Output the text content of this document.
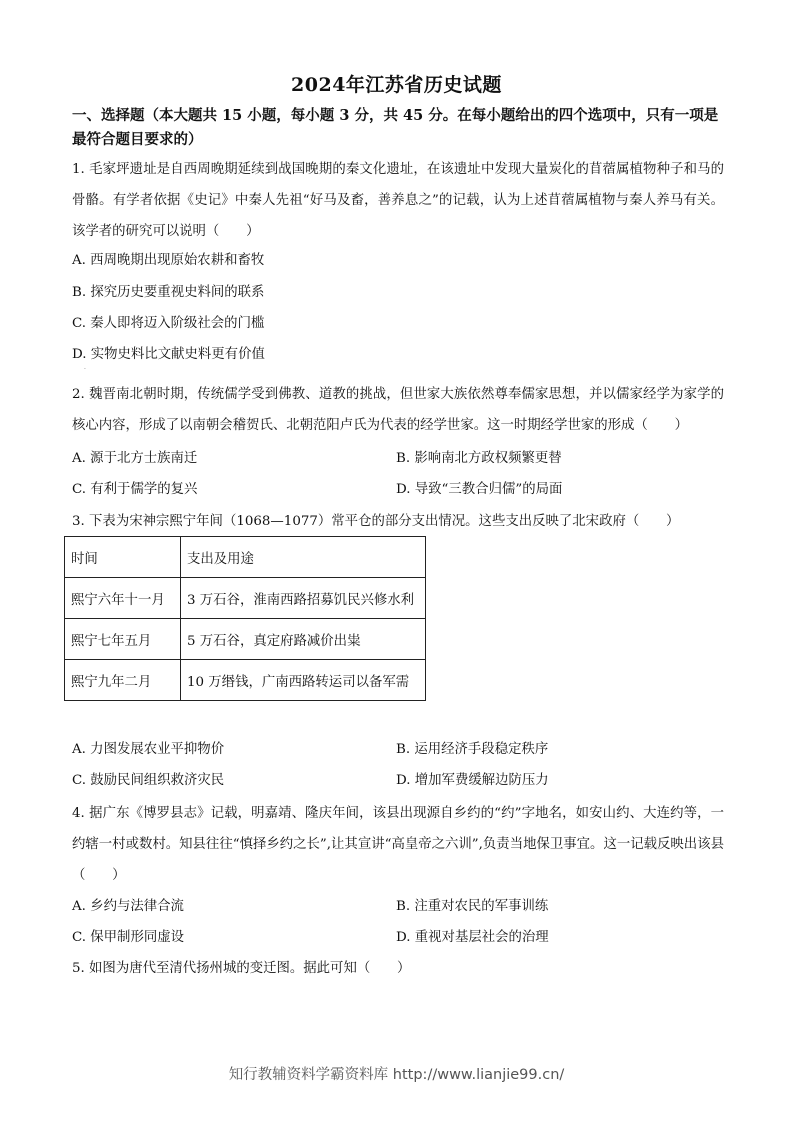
2024年江苏省历史试题
一、选择题（本大题共 15 小题，每小题 3 分，共 45 分。在每小题给出的四个选项中，只有一项是最符合题目要求的）
1. 毛家坪遗址是自西周晚期延续到战国晚期的秦文化遗址，在该遗址中发现大量炭化的苜蓿属植物种子和马的骨骼。有学者依据《史记》中秦人先祖“好马及畜，善养息之”的记载，认为上述苜蓿属植物与秦人养马有关。该学者的研究可以说明（　　）
A. 西周晚期出现原始农耕和畜牧
B. 探究历史要重视史料间的联系
C. 秦人即将迈入阶级社会的门槛
D. 实物史料比文献史料更有价值
·
2. 魏晋南北朝时期，传统儒学受到佛教、道教的挑战，但世家大族依然尊奉儒家思想，并以儒家经学为家学的核心内容，形成了以南朝会稽贺氏、北朝范阳卢氏为代表的经学世家。这一时期经学世家的形成（　　）
A. 源于北方士族南迁	B. 影响南北方政权频繁更替
C. 有利于儒学的复兴	D. 导致“三教合归儒”的局面
3. 下表为宋神宗熙宁年间（1068—1077）常平仓的部分支出情况。这些支出反映了北宋政府（　　）
时间	支出及用途
熙宁六年十一月	3 万石谷，淮南西路招募饥民兴修水利
熙宁七年五月	5 万石谷，真定府路减价出粜
熙宁九年二月	10 万缗钱，广南西路转运司以备军需
A. 力图发展农业平抑物价	B. 运用经济手段稳定秩序
C. 鼓励民间组织救济灾民	D. 增加军费缓解边防压力
4. 据广东《博罗县志》记载，明嘉靖、隆庆年间，该县出现源自乡约的“约”字地名，如安山约、大连约等，一约辖一村或数村。知县往往“慎择乡约之长”,让其宣讲“高皇帝之六训”,负责当地保卫事宜。这一记载反映出该县（　　）
A. 乡约与法律合流	B. 注重对农民的军事训练
C. 保甲制形同虚设	D. 重视对基层社会的治理
5. 如图为唐代至清代扬州城的变迁图。据此可知（　　）
知行教辅资料学霸资料库 http://www.lianjie99.cn/
